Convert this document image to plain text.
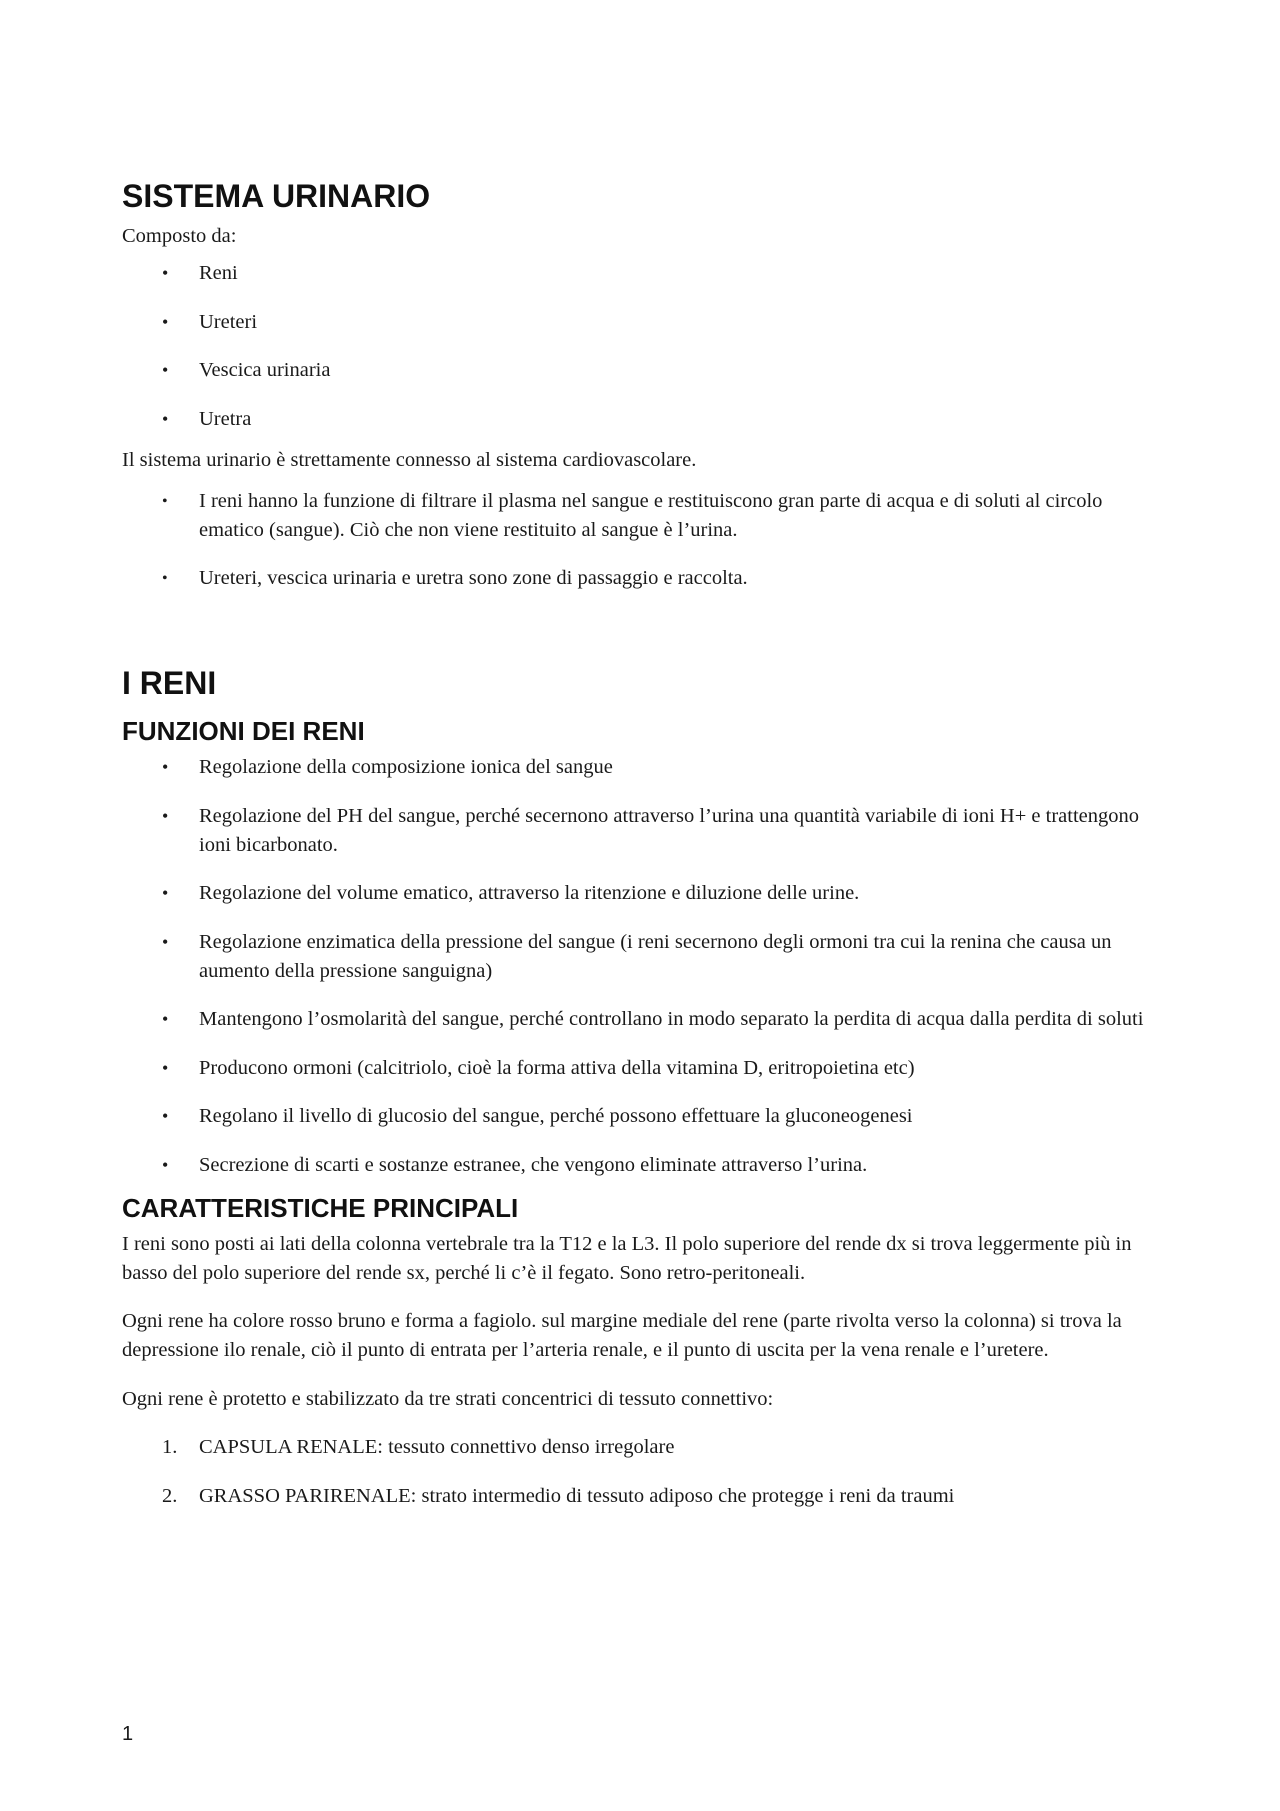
SISTEMA URINARIO

Composto da:

• Reni
• Ureteri
• Vescica urinaria
• Uretra

Il sistema urinario è strettamente connesso al sistema cardiovascolare.

• I reni hanno la funzione di filtrare il plasma nel sangue e restituiscono gran parte di acqua e di soluti al circolo ematico (sangue). Ciò che non viene restituito al sangue è l’urina.
• Ureteri, vescica urinaria e uretra sono zone di passaggio e raccolta.
I RENI
FUNZIONI DEI RENI
• Regolazione della composizione ionica del sangue
• Regolazione del PH del sangue, perché secernono attraverso l’urina una quantità variabile di ioni H+ e trattengono ioni bicarbonato.
• Regolazione del volume ematico, attraverso la ritenzione e diluzione delle urine.
• Regolazione enzimatica della pressione del sangue (i reni secernono degli ormoni tra cui la renina che causa un aumento della pressione sanguigna)
• Mantengono l’osmolarità del sangue, perché controllano in modo separato la perdita di acqua dalla perdita di soluti
• Producono ormoni (calcitriolo, cioè la forma attiva della vitamina D, eritropoietina etc)
• Regolano il livello di glucosio del sangue, perché possono effettuare la gluconeogenesi
• Secrezione di scarti e sostanze estranee, che vengono eliminate attraverso l’urina.
CARATTERISTICHE PRINCIPALI

I reni sono posti ai lati della colonna vertebrale tra la T12 e la L3. Il polo superiore del rende dx si trova leggermente più in basso del polo superiore del rende sx, perché li c’è il fegato. Sono retro-peritoneali.

Ogni rene ha colore rosso bruno e forma a fagiolo. sul margine mediale del rene (parte rivolta verso la colonna) si trova la depressione ilo renale, ciò il punto di entrata per l’arteria renale, e il punto di uscita per la vena renale e l’uretere.

Ogni rene è protetto e stabilizzato da tre strati concentrici di tessuto connettivo:

1. CAPSULA RENALE: tessuto connettivo denso irregolare
2. GRASSO PARIRENALE: strato intermedio di tessuto adiposo che protegge i reni da traumi
1
